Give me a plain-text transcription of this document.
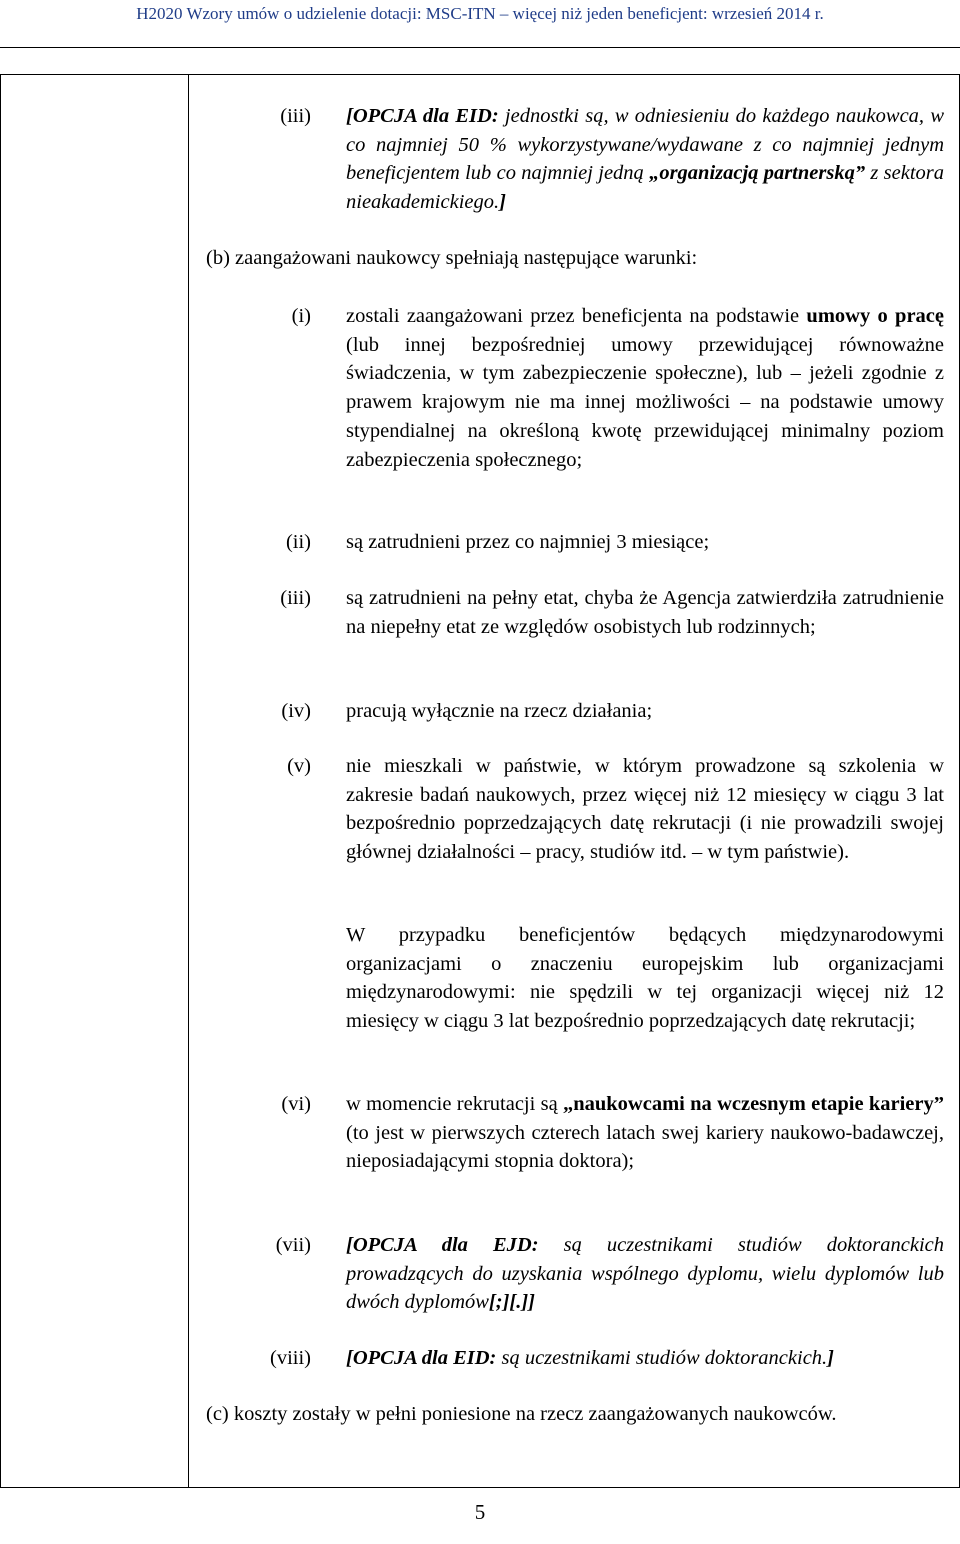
H2020 Wzory umów o udzielenie dotacji: MSC-ITN – więcej niż jeden beneficjent: wrzesień 2014 r.
(iii) [OPCJA dla EID: jednostki są, w odniesieniu do każdego naukowca, w co najmniej 50 % wykorzystywane/wydawane z co najmniej jednym beneficjentem lub co najmniej jedną „organizacją partnerską” z sektora nieakademickiego.]
(b) zaangażowani naukowcy spełniają następujące warunki:
(i) zostali zaangażowani przez beneficjenta na podstawie umowy o pracę (lub innej bezpośredniej umowy przewidującej równoważne świadczenia, w tym zabezpieczenie społeczne), lub – jeżeli zgodnie z prawem krajowym nie ma innej możliwości – na podstawie umowy stypendialnej na określoną kwotę przewidującej minimalny poziom zabezpieczenia społecznego;
(ii) są zatrudnieni przez co najmniej 3 miesiące;
(iii) są zatrudnieni na pełny etat, chyba że Agencja zatwierdziła zatrudnienie na niepełny etat ze względów osobistych lub rodzinnych;
(iv) pracują wyłącznie na rzecz działania;
(v) nie mieszkali w państwie, w którym prowadzone są szkolenia w zakresie badań naukowych, przez więcej niż 12 miesięcy w ciągu 3 lat bezpośrednio poprzedzających datę rekrutacji (i nie prowadzili swojej głównej działalności – pracy, studiów itd. – w tym państwie).
W przypadku beneficjentów będących międzynarodowymi organizacjami o znaczeniu europejskim lub organizacjami międzynarodowymi: nie spędzili w tej organizacji więcej niż 12 miesięcy w ciągu 3 lat bezpośrednio poprzedzających datę rekrutacji;
(vi) w momencie rekrutacji są „naukowcami na wczesnym etapie kariery” (to jest w pierwszych czterech latach swej kariery naukowo-badawczej, nieposiadającymi stopnia doktora);
(vii) [OPCJA dla EJD: są uczestnikami studiów doktoranckich prowadzących do uzyskania wspólnego dyplomu, wielu dyplomów lub dwóch dyplomów[;][.]]
(viii) [OPCJA dla EID: są uczestnikami studiów doktoranckich.]
(c) koszty zostały w pełni poniesione na rzecz zaangażowanych naukowców.
5
